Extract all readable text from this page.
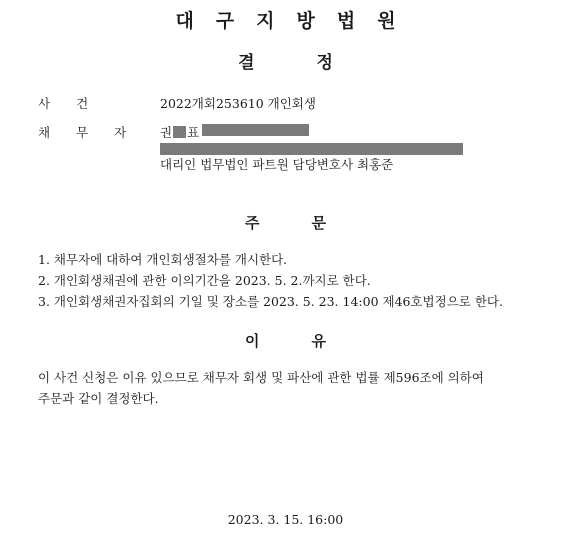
대구지방법원
결정
사건	2022개회253610 개인회생
채무자 권 표
대리인 법무법인 파트원 담당변호사 최홍준
주문
1. 채무자에 대하여 개인회생절차를 개시한다.
2. 개인회생채권에 관한 이의기간을 2023. 5. 2.까지로 한다.
3. 개인회생채권자집회의 기일 및 장소를 2023. 5. 23. 14:00 제46호법정으로 한다.
이유
이 사건 신청은 이유 있으므로 채무자 회생 및 파산에 관한 법률 제596조에 의하여
주문과 같이 결정한다.
2023. 3. 15. 16:00
